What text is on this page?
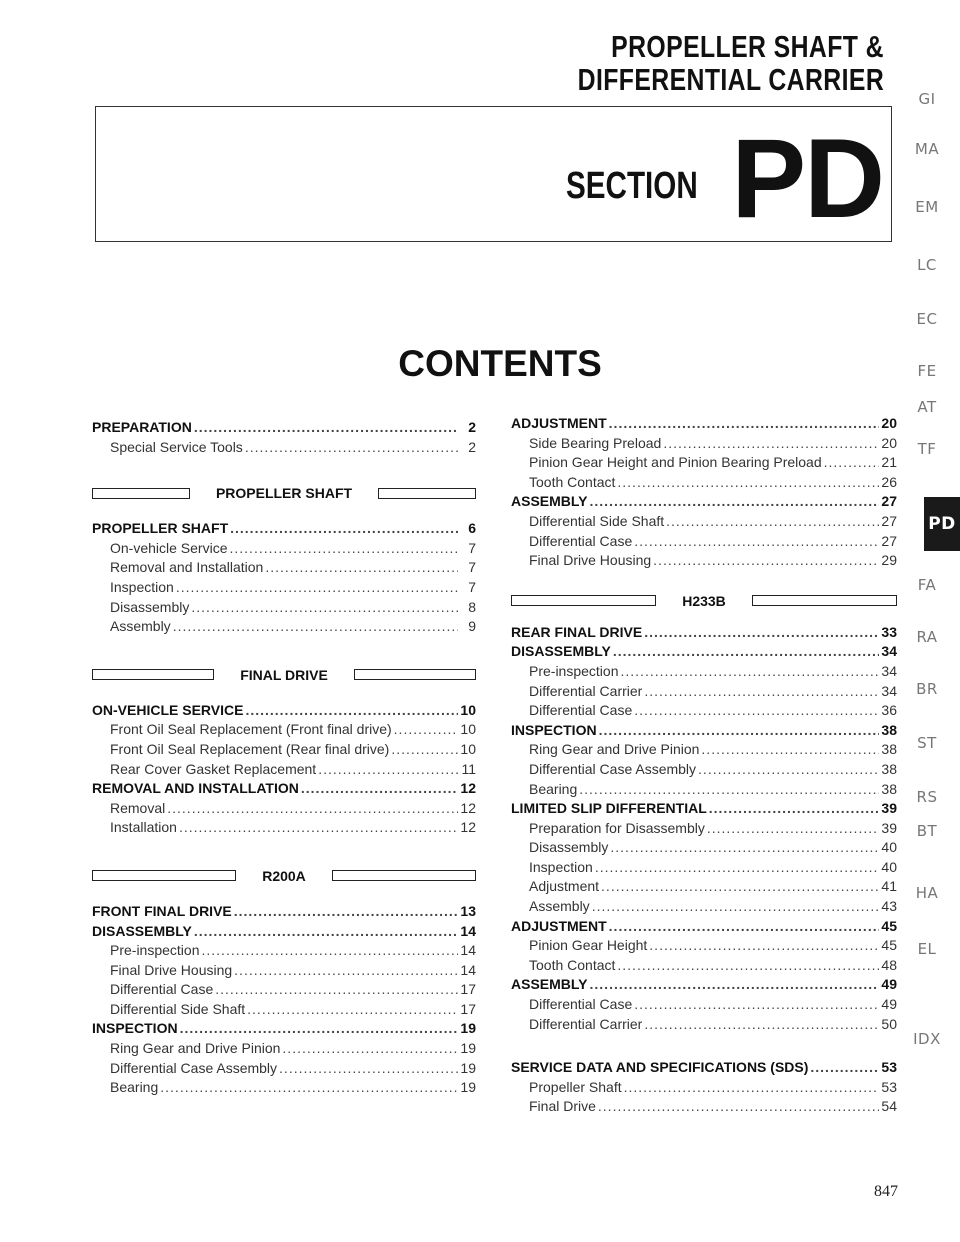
PROPELLER SHAFT &
DIFFERENTIAL CARRIER
SECTION PD
CONTENTS
GI
MA
EM
LC
EC
FE
AT
TF
PD
FA
RA
BR
ST
RS
BT
HA
EL
IDX
PREPARATION .....	2
Special Service Tools .....	2
PROPELLER SHAFT
PROPELLER SHAFT .....	6
On-vehicle Service .....	7
Removal and Installation .....	7
Inspection .....	7
Disassembly .....	8
Assembly .....	9
FINAL DRIVE
ON-VEHICLE SERVICE .....	10
Front Oil Seal Replacement (Front final drive) .....	10
Front Oil Seal Replacement (Rear final drive) .....	10
Rear Cover Gasket Replacement .....	11
REMOVAL AND INSTALLATION .....	12
Removal .....	12
Installation .....	12
R200A
FRONT FINAL DRIVE .....	13
DISASSEMBLY .....	14
Pre-inspection .....	14
Final Drive Housing .....	14
Differential Case .....	17
Differential Side Shaft .....	17
INSPECTION .....	19
Ring Gear and Drive Pinion .....	19
Differential Case Assembly .....	19
Bearing .....	19
ADJUSTMENT .....	20
Side Bearing Preload .....	20
Pinion Gear Height and Pinion Bearing Preload .....	21
Tooth Contact .....	26
ASSEMBLY .....	27
Differential Side Shaft .....	27
Differential Case .....	27
Final Drive Housing .....	29
H233B
REAR FINAL DRIVE .....	33
DISASSEMBLY .....	34
Pre-inspection .....	34
Differential Carrier .....	34
Differential Case .....	36
INSPECTION .....	38
Ring Gear and Drive Pinion .....	38
Differential Case Assembly .....	38
Bearing .....	38
LIMITED SLIP DIFFERENTIAL .....	39
Preparation for Disassembly .....	39
Disassembly .....	40
Inspection .....	40
Adjustment .....	41
Assembly .....	43
ADJUSTMENT .....	45
Pinion Gear Height .....	45
Tooth Contact .....	48
ASSEMBLY .....	49
Differential Case .....	49
Differential Carrier .....	50
SERVICE DATA AND SPECIFICATIONS (SDS) .....	53
Propeller Shaft .....	53
Final Drive .....	54
847
